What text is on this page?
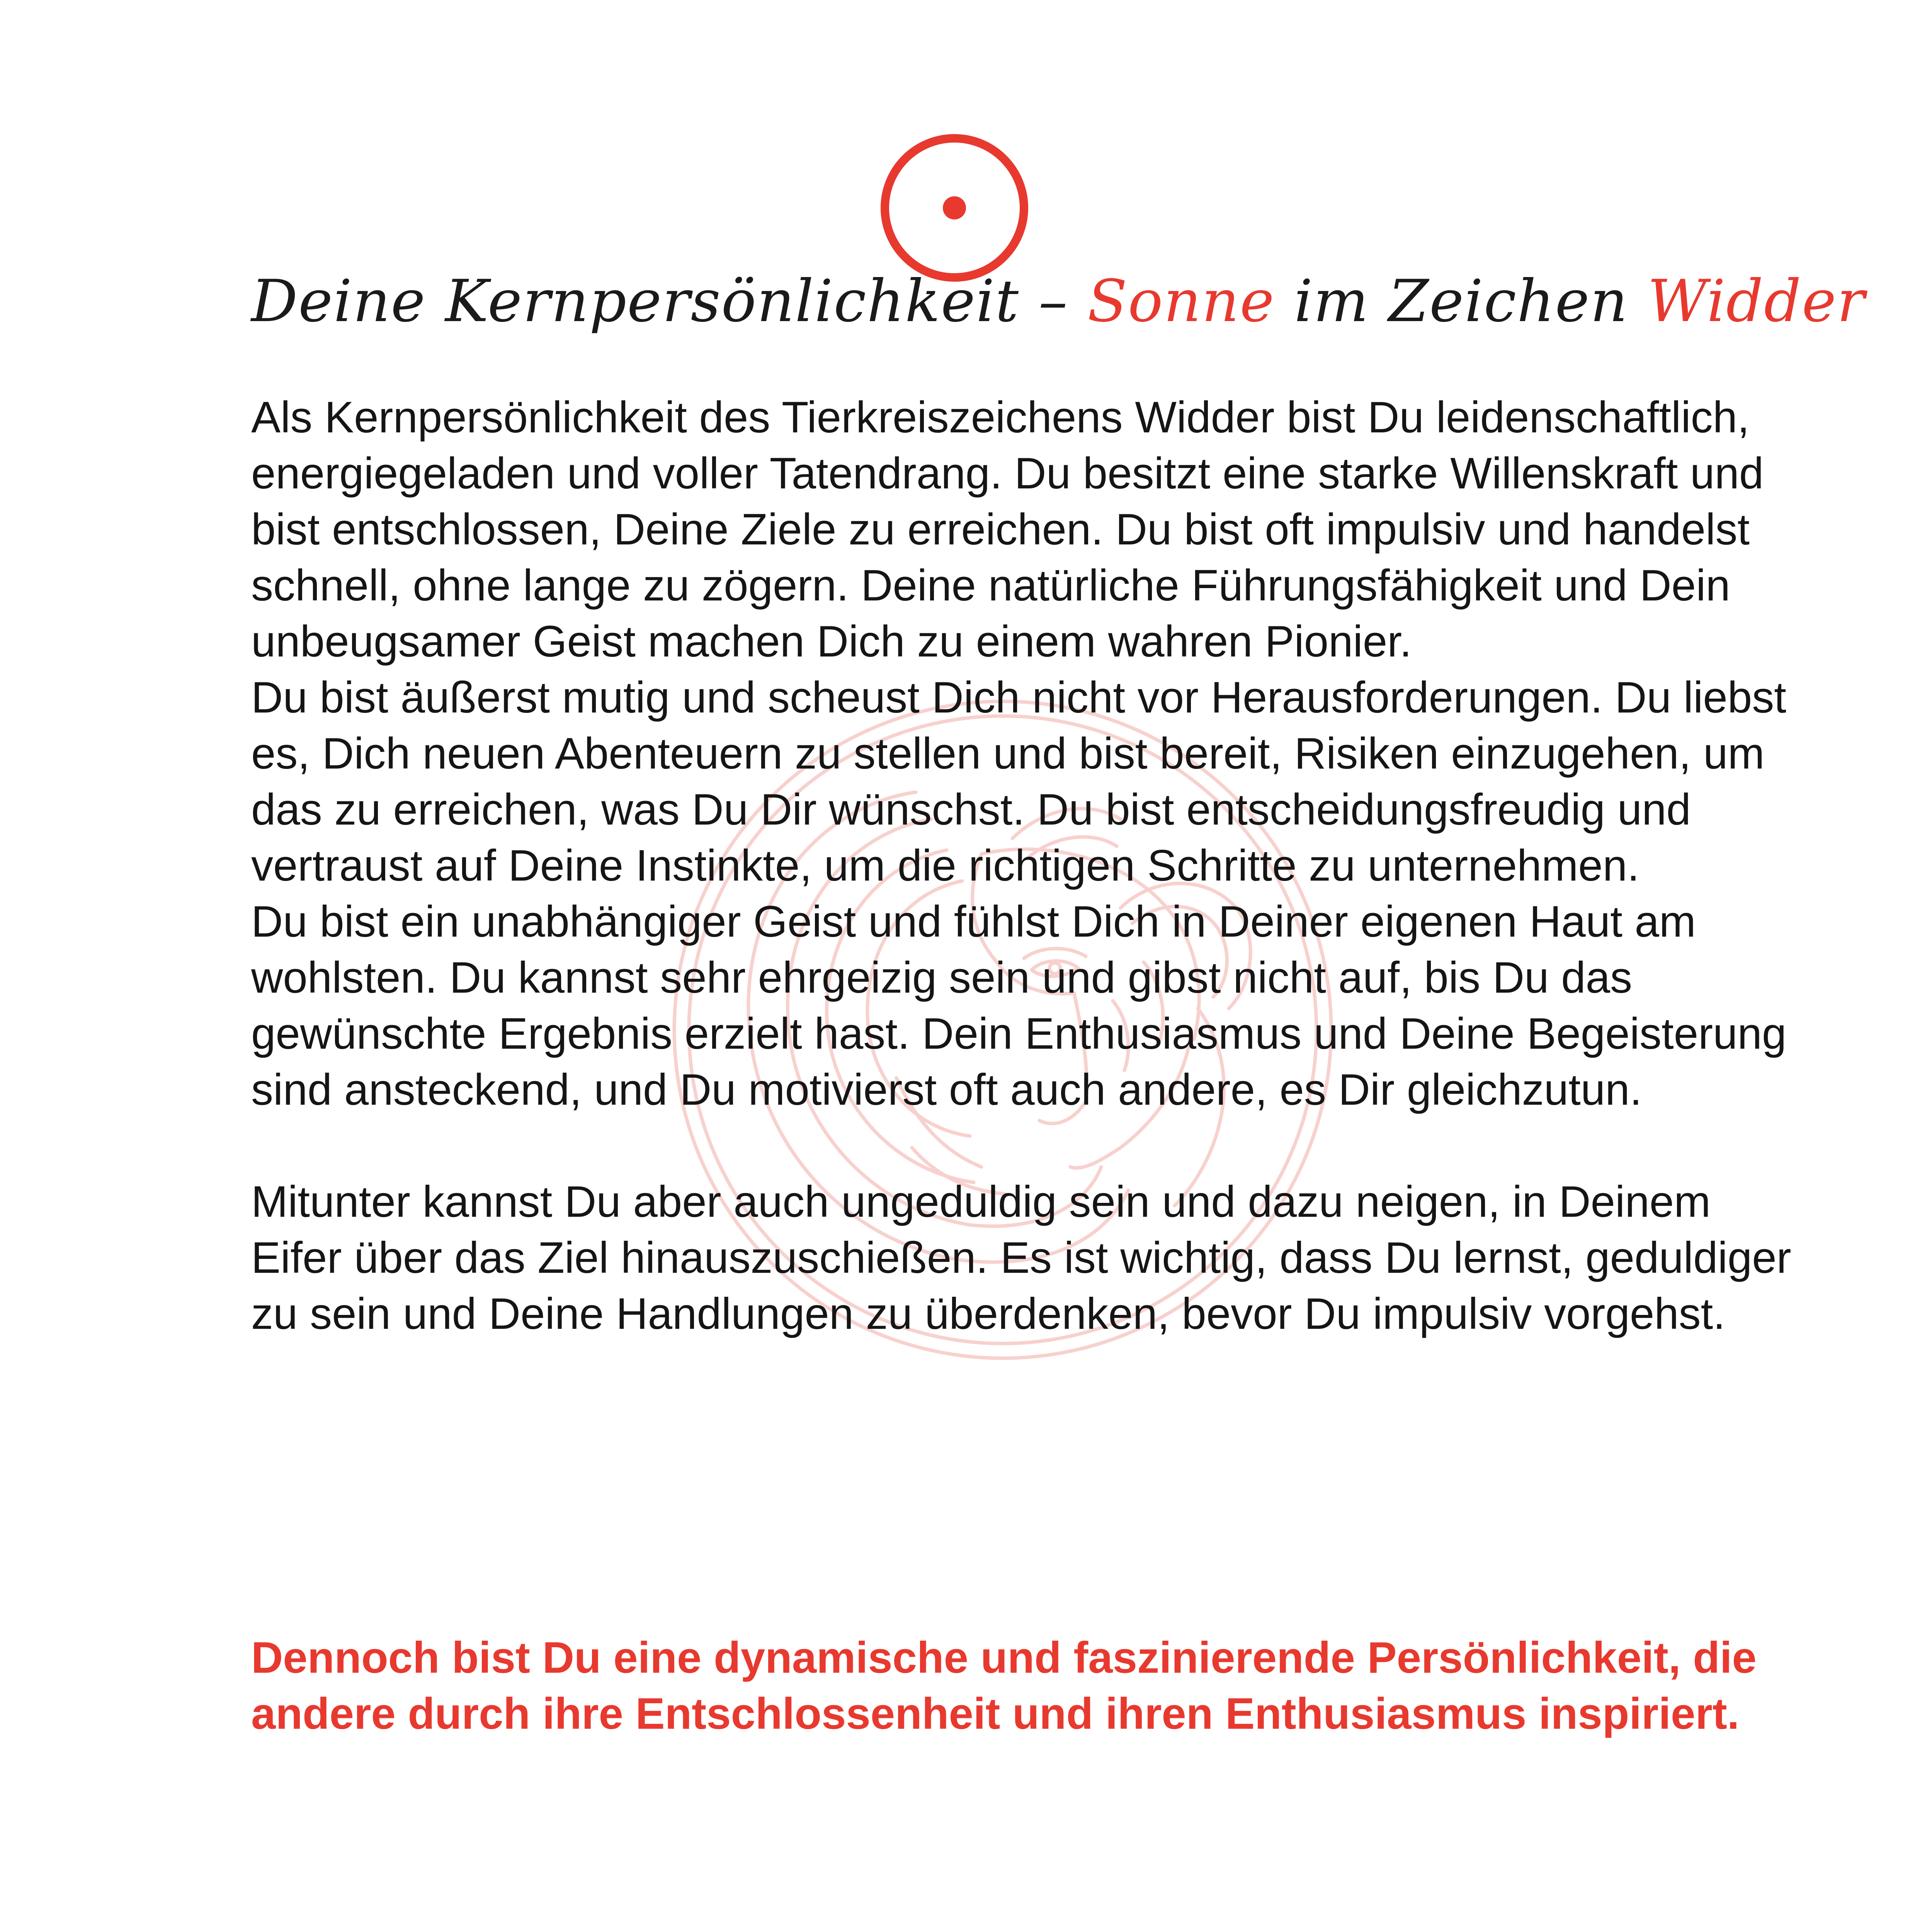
Deine Kernpersönlichkeit – Sonne im Zeichen Widder

Als Kernpersönlichkeit des Tierkreiszeichens Widder bist Du leidenschaftlich, energiegeladen und voller Tatendrang. Du besitzt eine starke Willenskraft und bist entschlossen, Deine Ziele zu erreichen. Du bist oft impulsiv und handelst schnell, ohne lange zu zögern. Deine natürliche Führungsfähigkeit und Dein unbeugsamer Geist machen Dich zu einem wahren Pionier.

Du bist äußerst mutig und scheust Dich nicht vor Herausforderungen. Du liebst es, Dich neuen Abenteuern zu stellen und bist bereit, Risiken einzugehen, um das zu erreichen, was Du Dir wünschst. Du bist entscheidungsfreudig und vertraust auf Deine Instinkte, um die richtigen Schritte zu unternehmen.

Du bist ein unabhängiger Geist und fühlst Dich in Deiner eigenen Haut am wohlsten. Du kannst sehr ehrgeizig sein und gibst nicht auf, bis Du das gewünschte Ergebnis erzielt hast. Dein Enthusiasmus und Deine Begeisterung sind ansteckend, und Du motivierst oft auch andere, es Dir gleichzutun.

Mitunter kannst Du aber auch ungeduldig sein und dazu neigen, in Deinem Eifer über das Ziel hinauszuschießen. Es ist wichtig, dass Du lernst, geduldiger zu sein und Deine Handlungen zu überdenken, bevor Du impulsiv vorgehst.

Dennoch bist Du eine dynamische und faszinierende Persönlichkeit, die andere durch ihre Entschlossenheit und ihren Enthusiasmus inspiriert.
